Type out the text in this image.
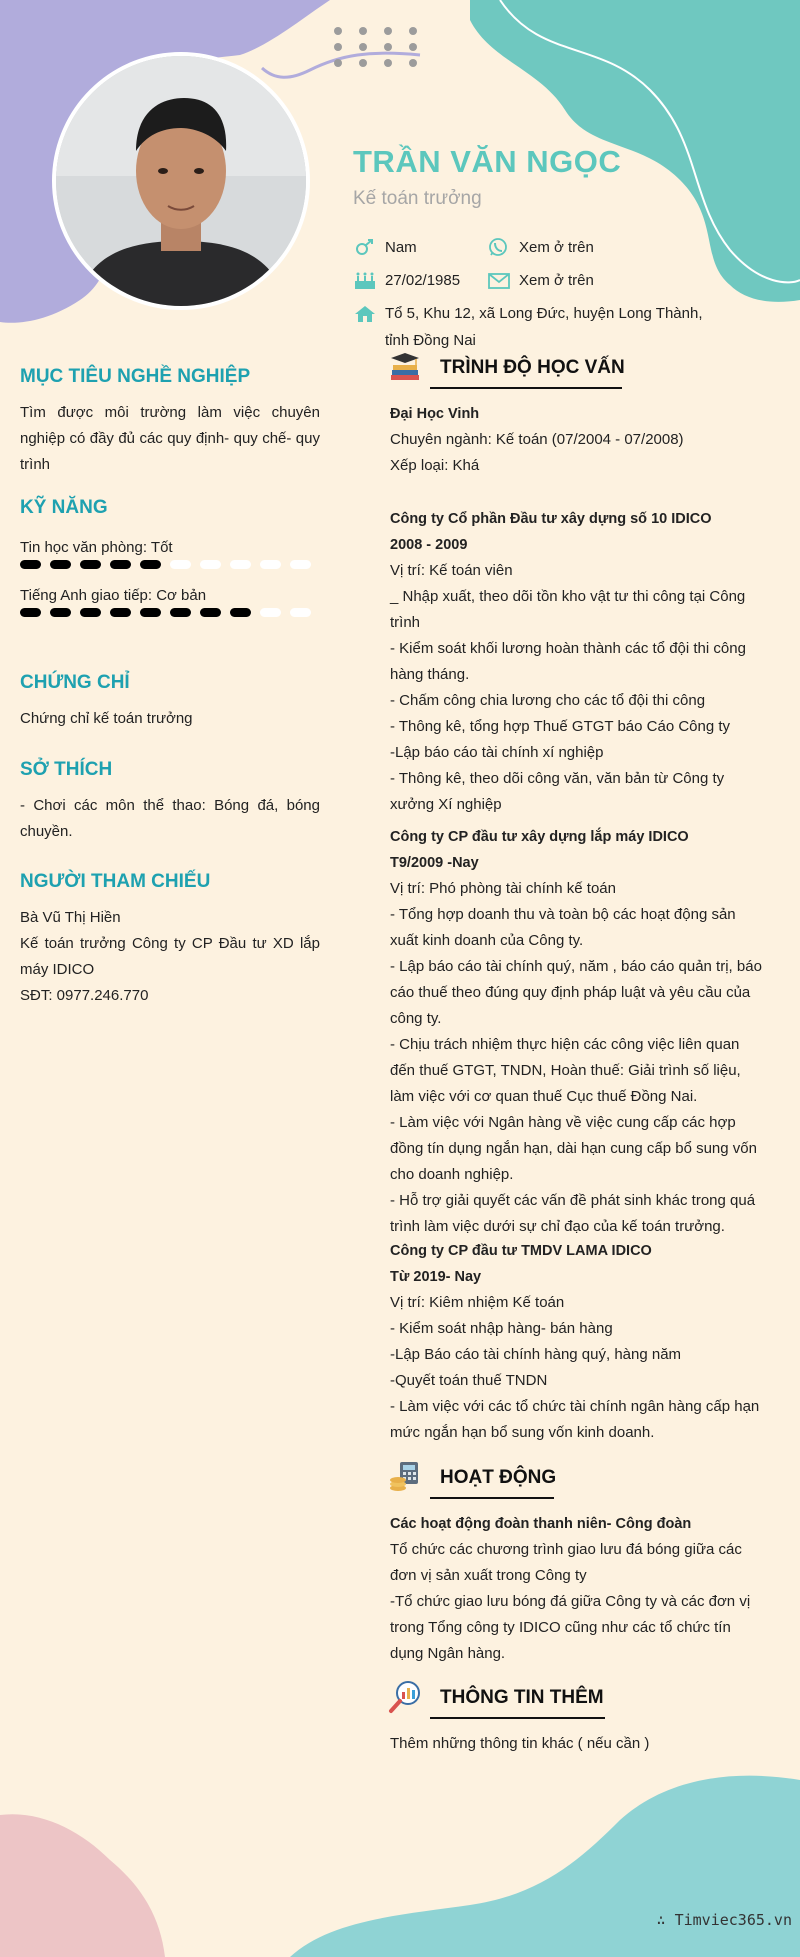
TRẦN VĂN NGỌC
Kế toán trưởng
Nam	Xem ở trên
27/02/1985	Xem ở trên
Tổ 5, Khu 12, xã Long Đức, huyện Long Thành, tỉnh Đồng Nai
MỤC TIÊU NGHỀ NGHIỆP
Tìm được môi trường làm việc chuyên nghiệp có đầy đủ các quy định- quy chế- quy trình
KỸ NĂNG
Tin học văn phòng: Tốt
Tiếng Anh giao tiếp: Cơ bản
CHỨNG CHỈ
Chứng chỉ kế toán trưởng
SỞ THÍCH
- Chơi các môn thể thao: Bóng đá, bóng chuyền.
NGƯỜI THAM CHIẾU
Bà Vũ Thị Hiền
Kế toán trưởng Công ty CP Đầu tư XD lắp máy IDICO
SĐT: 0977.246.770
TRÌNH ĐỘ HỌC VẤN
Đại Học Vinh
Chuyên ngành: Kế toán (07/2004 - 07/2008)
Xếp loại: Khá
Công ty Cổ phần Đầu tư xây dựng số 10 IDICO
2008 - 2009
Vị trí: Kế toán viên
_ Nhập xuất, theo dõi tồn kho vật tư thi công tại Công trình
- Kiểm soát khối lương hoàn thành các tổ đội thi công hàng tháng.
- Chấm công chia lương cho các tổ đội thi công
- Thông kê, tổng hợp Thuế GTGT báo Cáo Công ty
-Lập báo cáo tài chính xí nghiệp
- Thông kê, theo dõi công văn, văn bản từ Công ty xưởng Xí nghiệp
Công ty CP đầu tư xây dựng lắp máy IDICO
T9/2009 -Nay
Vị trí: Phó phòng tài chính kế toán
- Tổng hợp doanh thu và toàn bộ các hoạt động sản xuất kinh doanh của Công ty.
- Lập báo cáo tài chính quý, năm , báo cáo quản trị, báo cáo thuế theo đúng quy định pháp luật và yêu cầu của công ty.
- Chịu trách nhiệm thực hiện các công việc liên quan đến thuế GTGT, TNDN, Hoàn thuế: Giải trình số liệu, làm việc với cơ quan thuế Cục thuế Đồng Nai.
- Làm việc với Ngân hàng về việc cung cấp các hợp đồng tín dụng ngắn hạn, dài hạn cung cấp bổ sung vốn cho doanh nghiệp.
- Hỗ trợ giải quyết các vấn đề phát sinh khác trong quá trình làm việc dưới sự chỉ đạo của kế toán trưởng.
Công ty CP đầu tư TMDV LAMA IDICO
Từ 2019- Nay
Vị trí: Kiêm nhiệm Kế toán
- Kiểm soát nhập hàng- bán hàng
-Lập Báo cáo tài chính hàng quý, hàng năm
-Quyết toán thuế TNDN
- Làm việc với các tổ chức tài chính ngân hàng cấp hạn mức ngắn hạn bổ sung vốn kinh doanh.
HOẠT ĐỘNG
Các hoạt động đoàn thanh niên- Công đoàn
Tổ chức các chương trình giao lưu đá bóng giữa các đơn vị sản xuất trong Công ty
-Tổ chức giao lưu bóng đá giữa Công ty và các đơn vị trong Tổng công ty IDICO cũng như các tổ chức tín dụng Ngân hàng.
THÔNG TIN THÊM
Thêm những thông tin khác ( nếu cần )
∴ Timviec365.vn
